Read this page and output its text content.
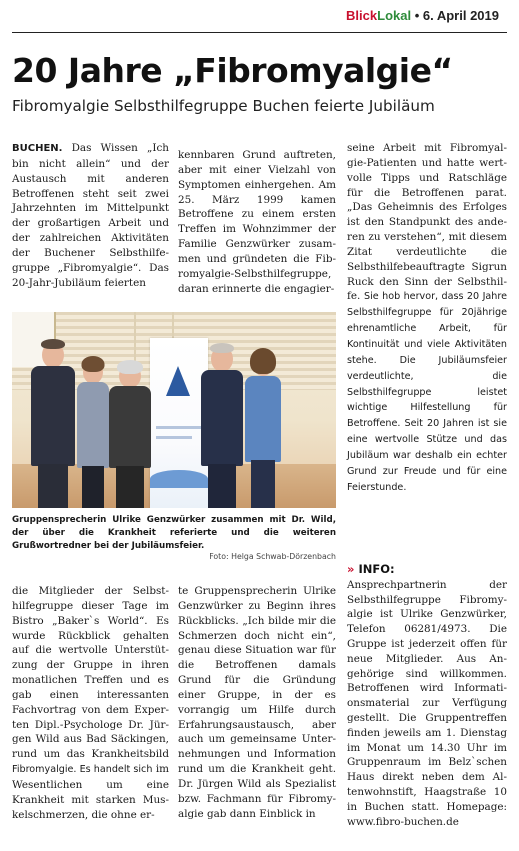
BlickLokal • 6. April 2019
20 Jahre „Fibromyalgie“
Fibromyalgie Selbsthilfegruppe Buchen feierte Jubiläum

BUCHEN. Das Wissen „Ich bin nicht allein“ und der Austausch mit anderen Betroffenen steht seit zwei Jahrzehnten im Mittelpunkt der großartigen Arbeit und der zahlreichen Aktivitäten der Buchener Selbsthilfegruppe „Fibromyalgie“. Das 20-Jahr-Jubiläum feierten

kennbaren Grund auftreten, aber mit einer Vielzahl von Symptomen einhergehen. Am 25. März 1999 kamen Betroffene zu einem ersten Treffen im Wohnzimmer der Familie Genzwürker zusammen und gründeten die Fibromyalgie-Selbsthilfegruppe, daran erinnerte die engagier-

seine Arbeit mit Fibromyalgie-Patienten und hatte wertvolle Tipps und Ratschläge für die Betroffenen parat. „Das Geheimnis des Erfolges ist den Standpunkt des anderen zu verstehen“, mit diesem Zitat verdeutlichte die Selbsthilfebeauftragte Sigrun Ruck den Sinn der Selbsthilfe. Sie hob hervor, dass 20 Jahre Selbsthilfegruppe für 20jährige ehrenamtliche Arbeit, für Kontinuität und viele Aktivitäten stehe. Die Jubiläumsfeier verdeutlichte, die Selbsthilfegruppe leistet wichtige Hilfestellung für Betroffene. Seit 20 Jahren ist sie eine wertvolle Stütze und das Jubiläum war deshalb ein echter Grund zur Freude und für eine Feierstunde.

Gruppensprecherin Ulrike Genzwürker zusammen mit Dr. Wild, der über die Krankheit referierte und die weiteren Grußwortredner bei der Jubiläumsfeier.
Foto: Helga Schwab-Dörzenbach

die Mitglieder der Selbsthilfegruppe dieser Tage im Bistro „Baker`s World“. Es wurde Rückblick gehalten auf die wertvolle Unterstützung der Gruppe in ihren monatlichen Treffen und es gab einen interessanten Fachvortrag von dem Experten Dipl.-Psychologe Dr. Jürgen Wild aus Bad Säckingen, rund um das Krankheitsbild Fibromyalgie. Es handelt sich im Wesentlichen um eine Krankheit mit starken Muskelschmerzen, die ohne er-

te Gruppensprecherin Ulrike Genzwürker zu Beginn ihres Rückblicks. „Ich bilde mir die Schmerzen doch nicht ein“, genau diese Situation war für die Betroffenen damals Grund für die Gründung einer Gruppe, in der es vorrangig um Hilfe durch Erfahrungsaustausch, aber auch um gemeinsame Unternehmungen und Information rund um die Krankheit geht. Dr. Jürgen Wild als Spezialist bzw. Fachmann für Fibromyalgie gab dann Einblick in

» INFO:

Ansprechpartnerin der Selbsthilfegruppe Fibromyalgie ist Ulrike Genzwürker, Telefon 06281/4973. Die Gruppe ist jederzeit offen für neue Mitglieder. Aus Angehörige sind willkommen. Betroffenen wird Informationsmaterial zur Verfügung gestellt. Die Gruppentreffen finden jeweils am 1. Dienstag im Monat um 14.30 Uhr im Gruppenraum im Belz`schen Haus direkt neben dem Altenwohnstift, Haagstraße 10 in Buchen statt. Homepage: www.fibro-buchen.de
